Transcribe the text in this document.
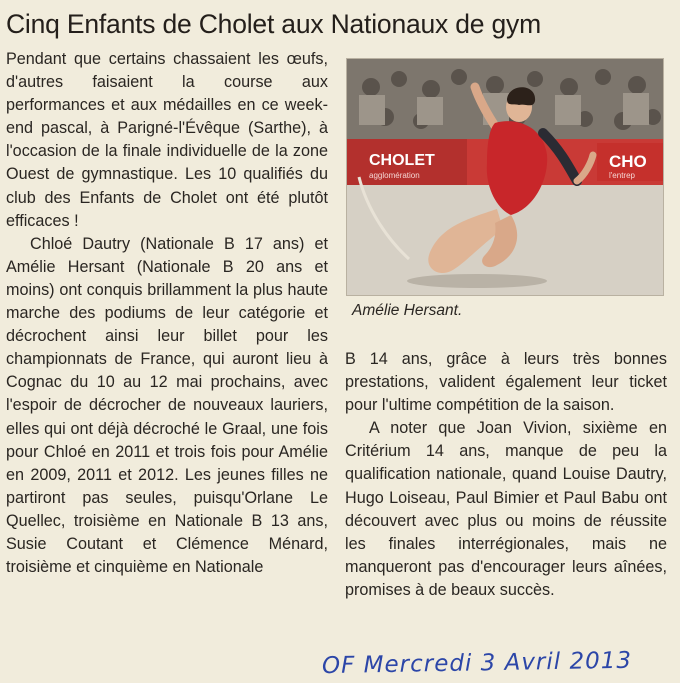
Cinq Enfants de Cholet aux Nationaux de gym

Pendant que certains chassaient les œufs, d'autres faisaient la course aux performances et aux médailles en ce week-end pascal, à Parigné-l'Évêque (Sarthe), à l'occasion de la finale individuelle de la zone Ouest de gymnastique. Les 10 qualifiés du club des Enfants de Cholet ont été plutôt efficaces !

Chloé Dautry (Nationale B 17 ans) et Amélie Hersant (Nationale B 20 ans et moins) ont conquis brillamment la plus haute marche des podiums de leur catégorie et décrochent ainsi leur billet pour les championnats de France, qui auront lieu à Cognac du 10 au 12 mai prochains, avec l'espoir de décrocher de nouveaux lauriers, elles qui ont déjà décroché le Graal, une fois pour Chloé en 2011 et trois fois pour Amélie en 2009, 2011 et 2012. Les jeunes filles ne partiront pas seules, puisqu'Orlane Le Quellec, troisième en Nationale B 13 ans, Susie Coutant et Clémence Ménard, troisième et cinquième en Nationale

CHOLET
agglomération
CHO
l'entrep

Amélie Hersant.

B 14 ans, grâce à leurs très bonnes prestations, valident également leur ticket pour l'ultime compétition de la saison.

A noter que Joan Vivion, sixième en Critérium 14 ans, manque de peu la qualification nationale, quand Louise Dautry, Hugo Loiseau, Paul Bimier et Paul Babu ont découvert avec plus ou moins de réussite les finales interrégionales, mais ne manqueront pas d'encourager leurs aînées, promises à de beaux succès.

OF Mercredi 3 Avril 2013
